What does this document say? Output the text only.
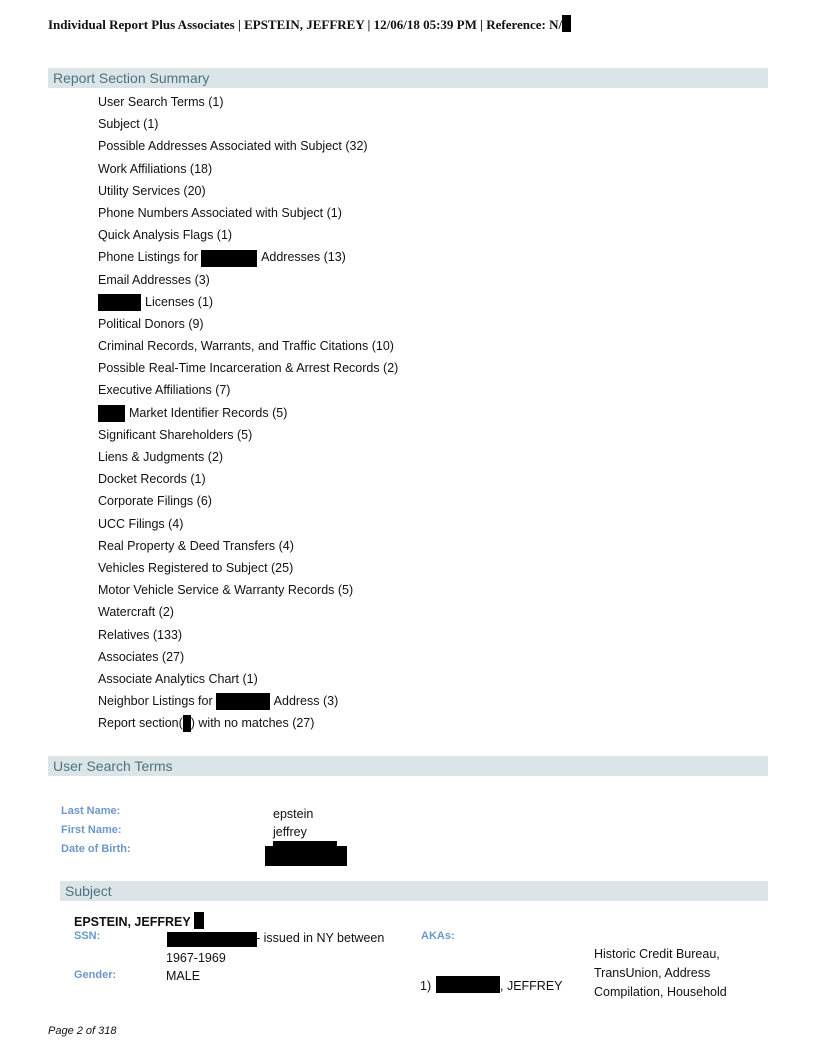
Individual Report Plus Associates | EPSTEIN, JEFFREY | 12/06/18 05:39 PM | Reference: N/
Report Section Summary
User Search Terms (1)
Subject (1)
Possible Addresses Associated with Subject (32)
Work Affiliations (18)
Utility Services (20)
Phone Numbers Associated with Subject (1)
Quick Analysis Flags (1)
Phone Listings for	Addresses (13)
Email Addresses (3)
Licenses (1)
Political Donors (9)
Criminal Records, Warrants, and Traffic Citations (10)
Possible Real-Time Incarceration & Arrest Records (2)
Executive Affiliations (7)
Market Identifier Records (5)
Significant Shareholders (5)
Liens & Judgments (2)
Docket Records (1)
Corporate Filings (6)
UCC Filings (4)
Real Property & Deed Transfers (4)
Vehicles Registered to Subject (25)
Motor Vehicle Service & Warranty Records (5)
Watercraft (2)
Relatives (133)
Associates (27)
Associate Analytics Chart (1)
Neighbor Listings for	Address (3)
Report section( ) with no matches (27)
User Search Terms
Last Name:	epstein
First Name:	jeffrey
Date of Birth:
Subject
EPSTEIN, JEFFREY
SSN:	- issued in NY between
1967-1969
Gender:	MALE
AKAs:
1)	, JEFFREY
Historic Credit Bureau, TransUnion, Address Compilation, Household
Page 2 of 318
